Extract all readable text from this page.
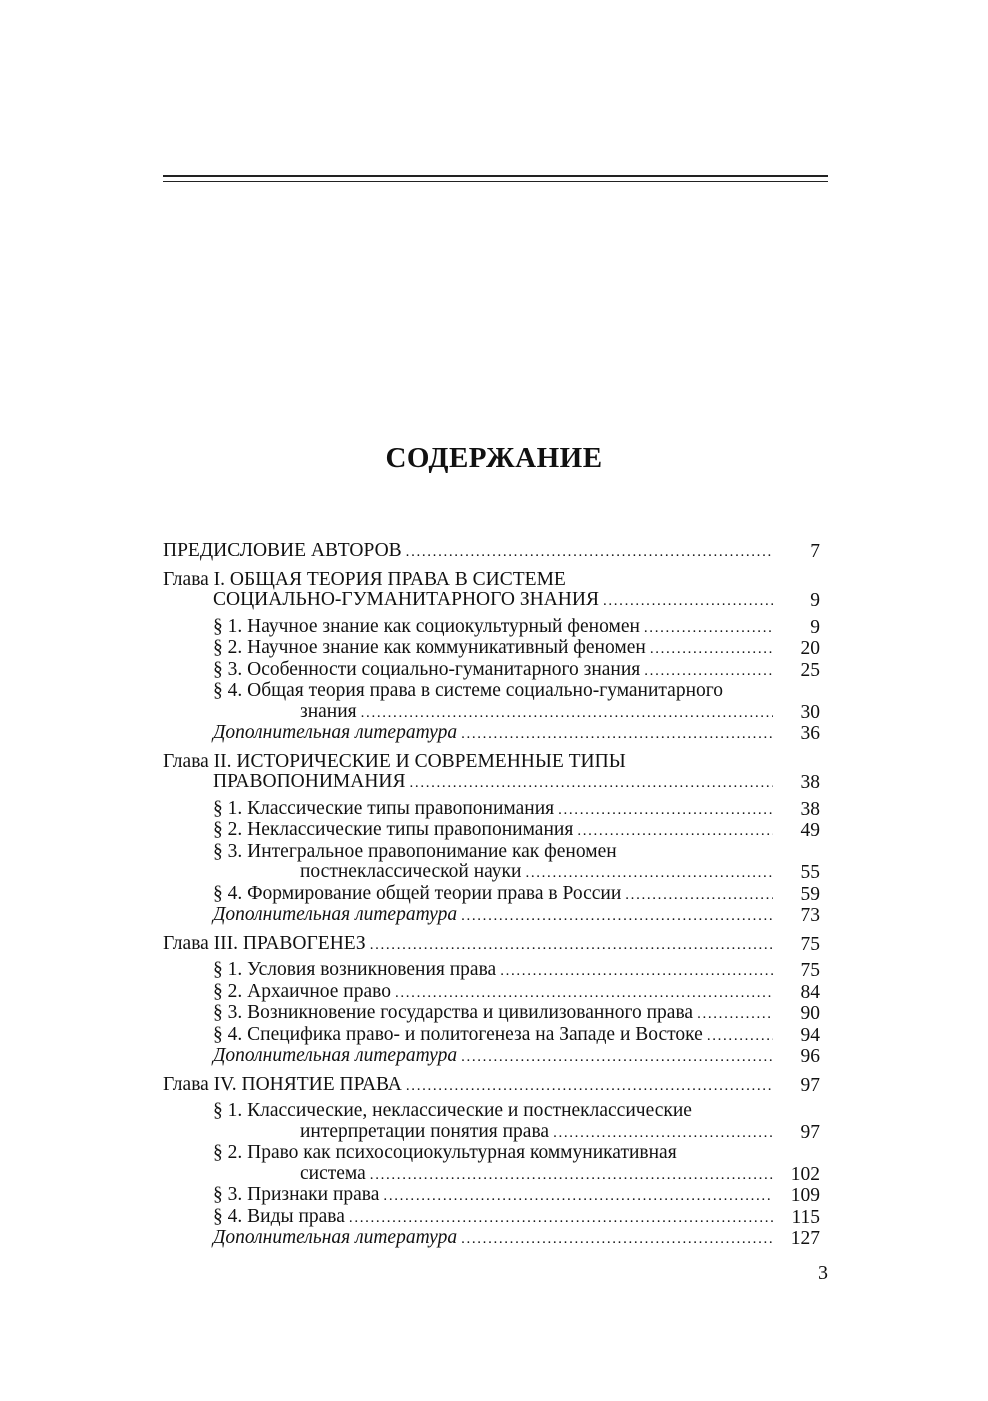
СОДЕРЖАНИЕ
ПРЕДИСЛОВИЕ АВТОРОВ . . .	7
Глава I. ОБЩАЯ ТЕОРИЯ ПРАВА В СИСТЕМЕ
СОЦИАЛЬНО-ГУМАНИТАРНОГО ЗНАНИЯ . . .	9
§ 1. Научное знание как социокультурный феномен . . .	9
§ 2. Научное знание как коммуникативный феномен . . .	20
§ 3. Особенности социально-гуманитарного знания . . .	25
§ 4. Общая теория права в системе социально-гуманитарного
знания . . .	30
Дополнительная литература . . .	36
Глава II. ИСТОРИЧЕСКИЕ И СОВРЕМЕННЫЕ ТИПЫ
ПРАВОПОНИМАНИЯ . . .	38
§ 1. Классические типы правопонимания . . .	38
§ 2. Неклассические типы правопонимания . . .	49
§ 3. Интегральное правопонимание как феномен
постнеклассической науки . . .	55
§ 4. Формирование общей теории права в России . . .	59
Дополнительная литература . . .	73
Глава III. ПРАВОГЕНЕЗ . . .	75
§ 1. Условия возникновения права . . .	75
§ 2. Архаичное право . . .	84
§ 3. Возникновение государства и цивилизованного права . . .	90
§ 4. Специфика право- и политогенеза на Западе и Востоке . . .	94
Дополнительная литература . . .	96
Глава IV. ПОНЯТИЕ ПРАВА . . .	97
§ 1. Классические, неклассические и постнеклассические
интерпретации понятия права . . .	97
§ 2. Право как психосоциокультурная коммуникативная
система . . .	102
§ 3. Признаки права . . .	109
§ 4. Виды права . . .	115
Дополнительная литература . . .	127
3
